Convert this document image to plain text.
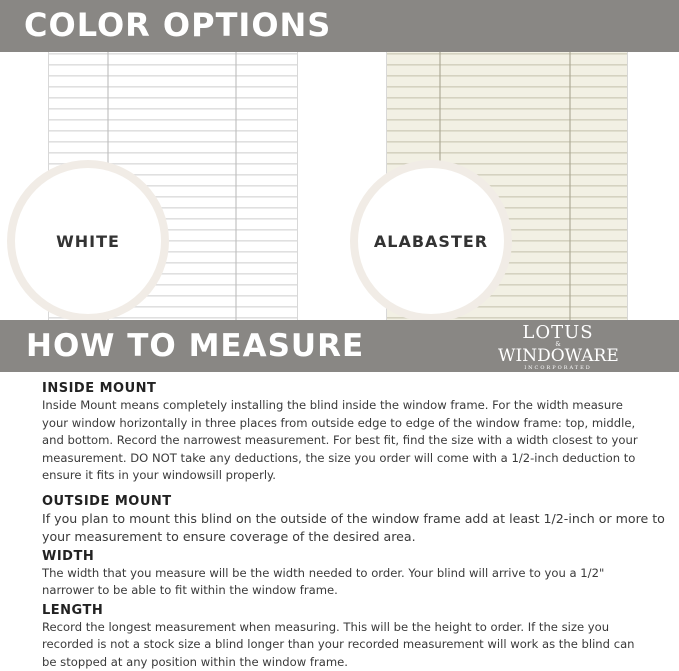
COLOR OPTIONS
WHITE	ALABASTER
HOW TO MEASURE	LOTUS
&
WINDOWARE
INCORPORATED
INSIDE MOUNT

Inside Mount means completely installing the blind inside the window frame. For the width measure your window horizontally in three places from outside edge to edge of the window frame: top, middle, and bottom. Record the narrowest measurement. For best fit, find the size with a width closest to your measurement. DO NOT take any deductions, the size you order will come with a 1/2-inch deduction to ensure it fits in your windowsill properly.

OUTSIDE MOUNT

If you plan to mount this blind on the outside of the window frame add at least 1/2-inch or more to your measurement to ensure coverage of the desired area.

WIDTH

The width that you measure will be the width needed to order. Your blind will arrive to you a 1/2" narrower to be able to fit within the window frame.

LENGTH

Record the longest measurement when measuring. This will be the height to order. If the size you recorded is not a stock size a blind longer than your recorded measurement will work as the blind can be stopped at any position within the window frame.
